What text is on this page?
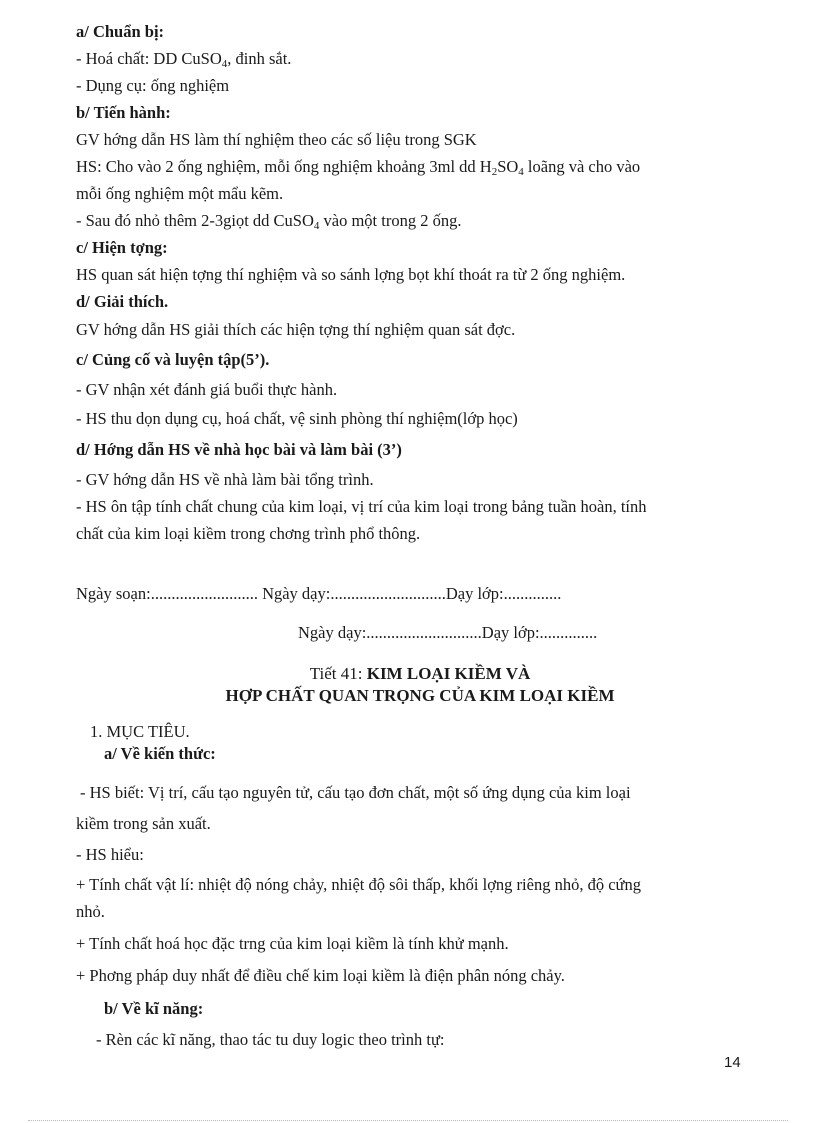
a/ Chuẩn bị:
- Hoá chất: DD CuSO$_4$, đinh sắt.
- Dụng cụ: ống nghiệm
b/ Tiến hành:
GV hớng dẫn HS làm thí nghiệm theo các số liệu trong SGK
HS: Cho vào 2 ống nghiệm, mỗi ống nghiệm khoảng 3ml dd $H_2SO_4$ loãng và cho vào
mỗi ống nghiệm một mẩu kẽm.
- Sau đó nhỏ thêm 2-3giọt dd CuSO$_4$ vào một trong 2 ống.
c/ Hiện tợng:
HS quan sát hiện tợng thí nghiệm và so sánh lợng bọt khí thoát ra từ 2 ống nghiệm.
d/ Giải thích.
GV hớng dẫn HS giải thích các hiện tợng thí nghiệm quan sát đợc.
c/ Củng cố và luyện tập(5’).
- GV nhận xét đánh giá buổi thực hành.
- HS thu dọn dụng cụ, hoá chất, vệ sinh phòng thí nghiệm(lớp học)
d/ Hớng dẫn HS về nhà học bài và làm bài (3’)
- GV hớng dẫn HS về nhà làm bài tổng trình.
- HS ôn tập tính chất chung của kim loại, vị trí của kim loại trong bảng tuần hoàn, tính
chất của kim loại kiềm trong chơng trình phổ thông.
Ngày soạn:.......................... Ngày dạy:............................Dạy lớp:..............
Ngày dạy:............................Dạy lớp:..............
Tiết 41: KIM LOẠI KIỀM VÀ
HỢP CHẤT QUAN TRỌNG CỦA KIM LOẠI KIỀM
1. MỤC TIÊU.
a/ Về kiến thức:
- HS biết: Vị trí, cấu tạo nguyên tử, cấu tạo đơn chất, một số ứng dụng của kim loại
kiềm trong sản xuất.
- HS hiểu:
+ Tính chất vật lí: nhiệt độ nóng chảy, nhiệt độ sôi thấp, khối lợng riêng nhỏ, độ cứng
nhỏ.
+ Tính chất hoá học đặc trng của kim loại kiềm là tính khử mạnh.
+ Phơng pháp duy nhất để điều chế kim loại kiềm là điện phân nóng chảy.
b/ Về kĩ năng:
- Rèn các kĩ năng, thao tác tu duy logic theo trình tự:
14
